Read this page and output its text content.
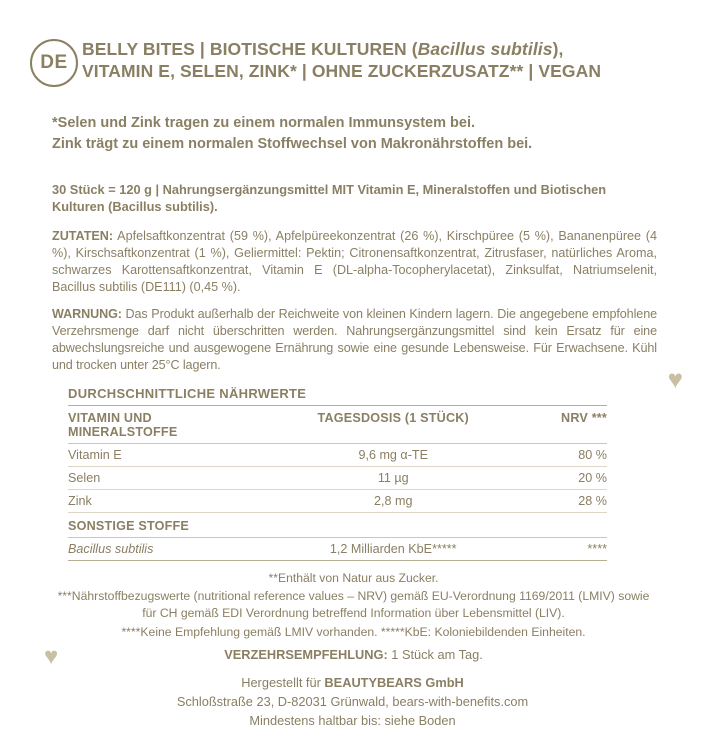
DE
BELLY BITES | BIOTISCHE KULTUREN (Bacillus subtilis),
VITAMIN E, SELEN, ZINK* | OHNE ZUCKERZUSATZ** | VEGAN
*Selen und Zink tragen zu einem normalen Immunsystem bei.
Zink trägt zu einem normalen Stoffwechsel von Makronährstoffen bei.

30 Stück = 120 g | Nahrungsergänzungsmittel MIT Vitamin E, Mineralstoffen und Biotischen Kulturen (Bacillus subtilis).

ZUTATEN: Apfelsaftkonzentrat (59 %), Apfelpüreekonzentrat (26 %), Kirschpüree (5 %), Bananenpüree (4 %), Kirschsaftkonzentrat (1 %), Geliermittel: Pektin; Citronensaftkonzentrat, Zitrusfaser, natürliches Aroma, schwarzes Karottensaftkonzentrat, Vitamin E (DL-alpha-Tocopherylacetat), Zinksulfat, Natriumselenit, Bacillus subtilis (DE111) (0,45 %).

WARNUNG: Das Produkt außerhalb der Reichweite von kleinen Kindern lagern. Die angegebene empfohlene Verzehrsmenge darf nicht überschritten werden. Nahrungsergänzungsmittel sind kein Ersatz für eine abwechslungsreiche und ausgewogene Ernährung sowie eine gesunde Lebensweise. Für Erwachsene. Kühl und trocken unter 25°C lagern.

DURCHSCHNITTLICHE NÄHRWERTE
VITAMIN UND
MINERALSTOFFE	TAGESDOSIS (1 STÜCK)	NRV ***
Vitamin E	9,6 mg α-TE	80 %
Selen	11 µg	20 %
Zink	2,8 mg	28 %
SONSTIGE STOFFE		
Bacillus subtilis	1,2 Milliarden KbE*****	****
**Enthält von Natur aus Zucker.
***Nährstoffbezugswerte (nutritional reference values – NRV) gemäß EU-Verordnung 1169/2011 (LMIV) sowie für CH gemäß EDI Verordnung betreffend Information über Lebensmittel (LIV).
****Keine Empfehlung gemäß LMIV vorhanden. *****KbE: Koloniebildenden Einheiten.
VERZEHRSEMPFEHLUNG: 1 Stück am Tag.
Hergestellt für BEAUTYBEARS GmbH
Schloßstraße 23, D-82031 Grünwald, bears-with-benefits.com
Mindestens haltbar bis: siehe Boden
♥
♥
